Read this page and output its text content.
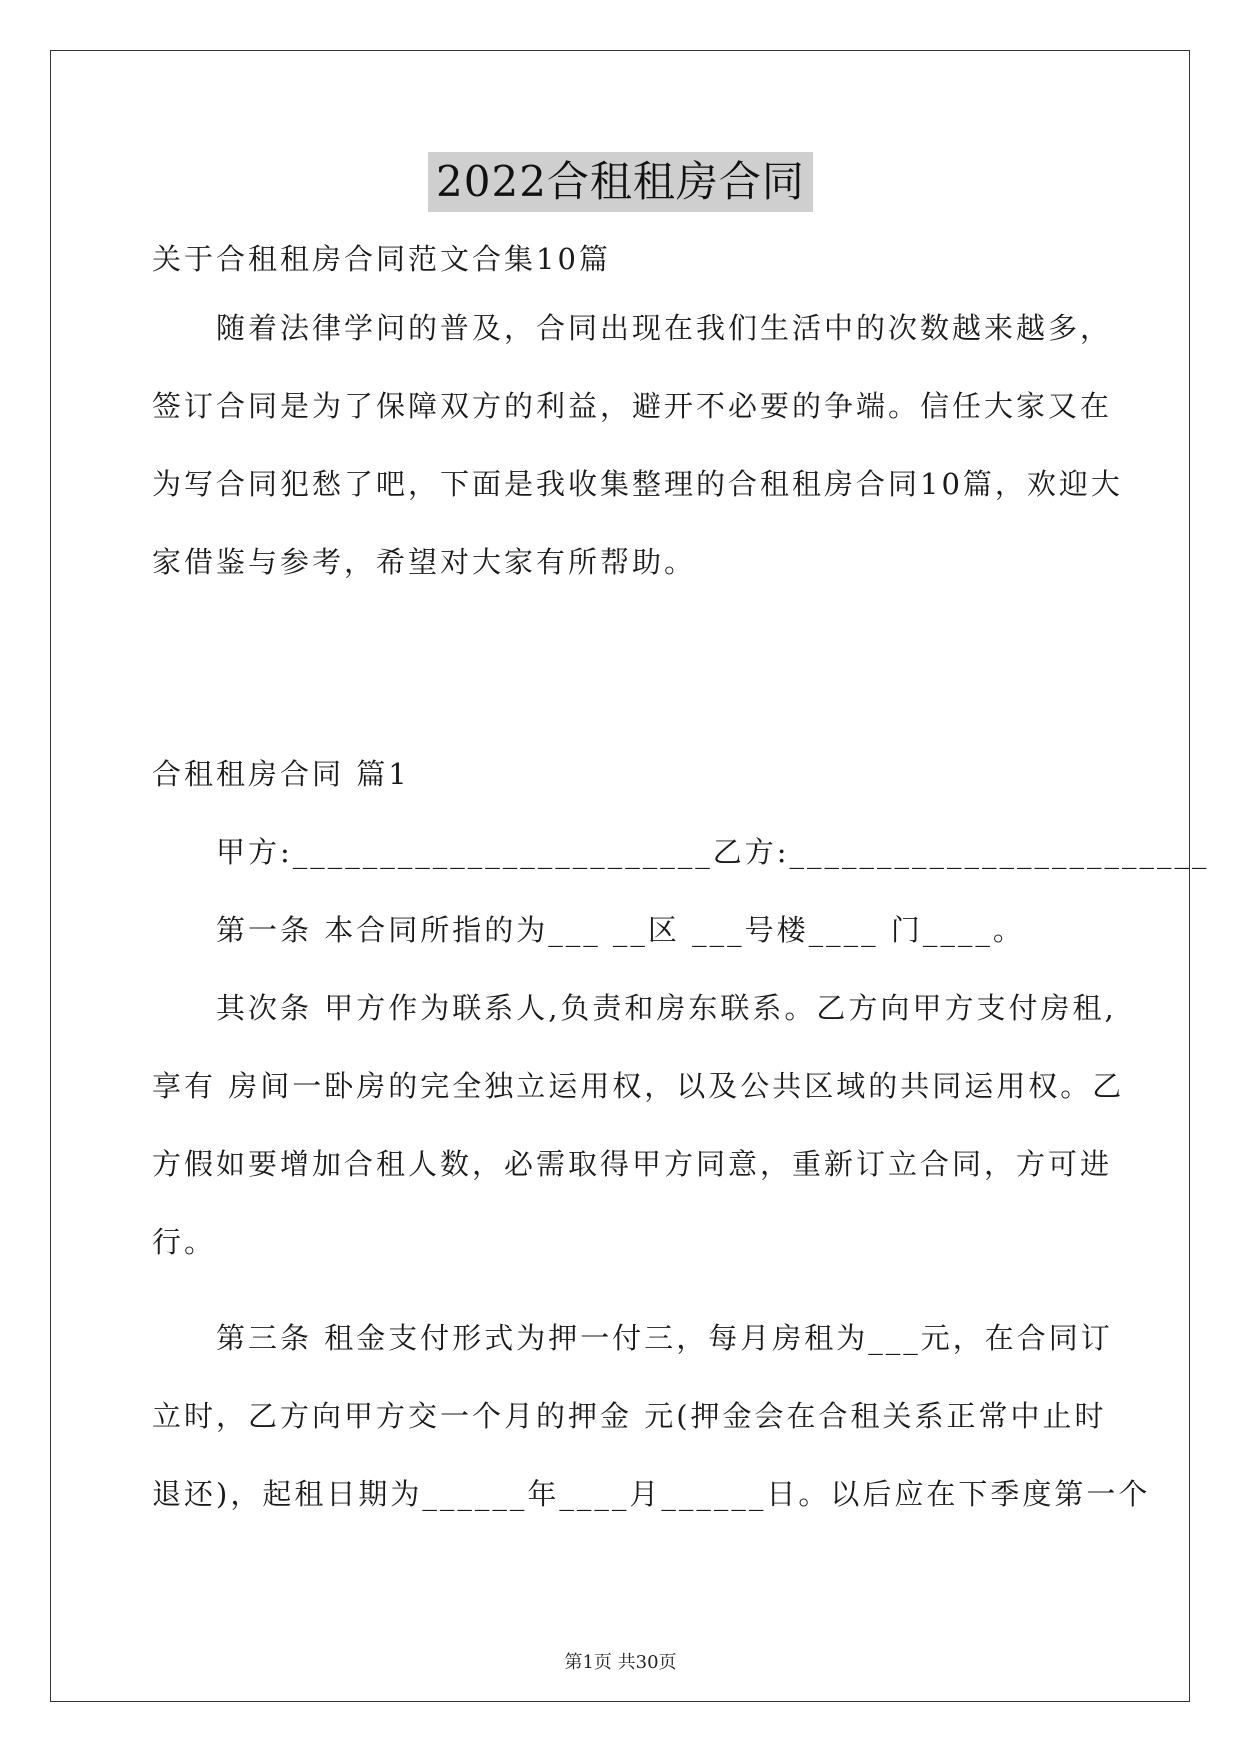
2022合租租房合同
关于合租租房合同范文合集10篇
随着法律学问的普及，合同出现在我们生活中的次数越来越多，
签订合同是为了保障双方的利益，避开不必要的争端。信任大家又在
为写合同犯愁了吧，下面是我收集整理的合租租房合同10篇，欢迎大
家借鉴与参考，希望对大家有所帮助。
合租租房合同 篇1
甲方:________________________乙方:________________________
第一条 本合同所指的为___ __区 ___号楼____ 门____。
其次条 甲方作为联系人,负责和房东联系。乙方向甲方支付房租,
享有 房间一卧房的完全独立运用权，以及公共区域的共同运用权。乙
方假如要增加合租人数，必需取得甲方同意，重新订立合同，方可进
行。
第三条 租金支付形式为押一付三，每月房租为___元，在合同订
立时，乙方向甲方交一个月的押金 元(押金会在合租关系正常中止时
退还)，起租日期为______年____月______日。以后应在下季度第一个
第1页 共30页
